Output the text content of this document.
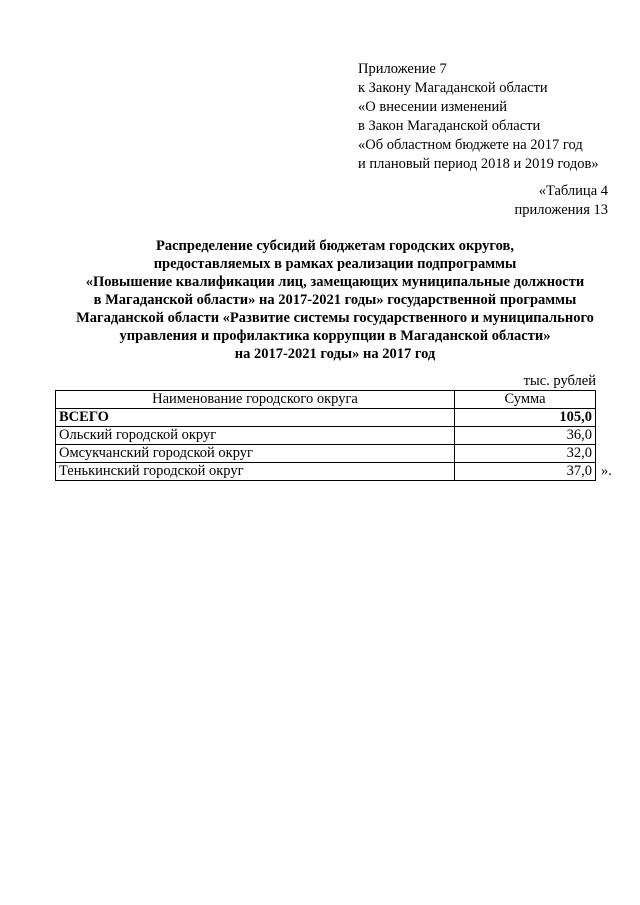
Приложение 7
к Закону Магаданской области
«О внесении изменений
в Закон Магаданской области
«Об областном бюджете на 2017 год
и плановый период 2018 и 2019 годов»
«Таблица 4
приложения 13
Распределение субсидий бюджетам городских округов,
предоставляемых в рамках реализации подпрограммы
«Повышение квалификации лиц, замещающих муниципальные должности
в Магаданской области» на 2017-2021 годы» государственной программы
Магаданской области «Развитие системы государственного и муниципального
управления и профилактика коррупции в Магаданской области»
на 2017-2021 годы» на 2017 год
тыс. рублей
Наименование городского округа	Сумма
ВСЕГО	105,0
Ольский городской округ	36,0
Омсукчанский городской округ	32,0
Тенькинский городской округ	37,0 ».
